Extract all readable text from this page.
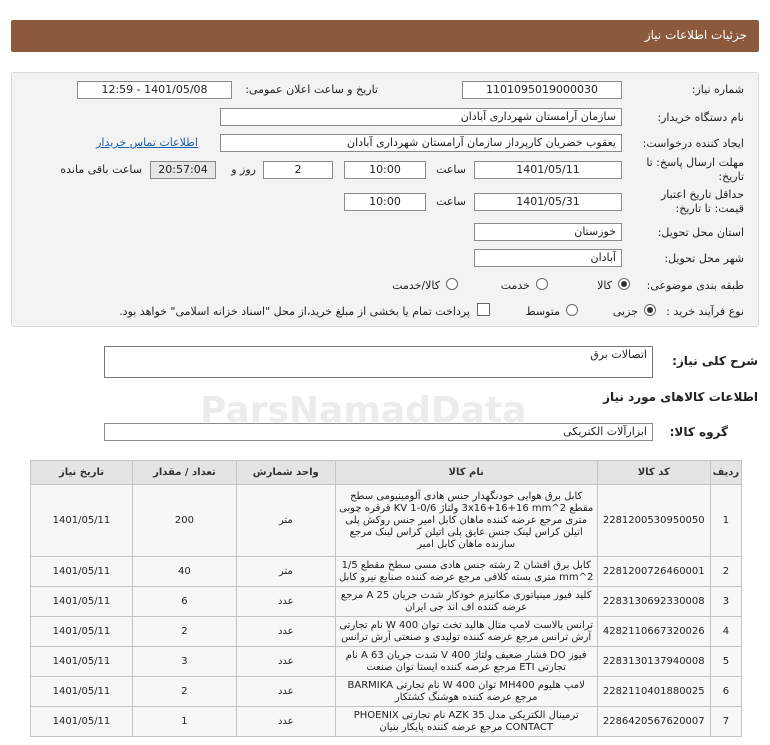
جزئیات اطلاعات نیاز
شماره نیاز:
1101095019000030
تاریخ و ساعت اعلان عمومی:
1401/05/08 - 12:59
نام دستگاه خریدار:
سازمان آرامستان شهرداری آبادان
ایجاد کننده درخواست:
یعقوب خضریان کارپرداز سازمان آرامستان شهرداری آبادان
اطلاعات تماس خریدار
مهلت ارسال پاسخ: تا
تاریخ:
1401/05/11
ساعت
10:00
2
روز و
20:57:04
ساعت باقی مانده
حداقل تاریخ اعتبار
قیمت: تا تاریخ:
1401/05/31
ساعت
10:00
استان محل تحویل:
خوزستان
شهر محل تحویل:
آبادان
طبقه بندی موضوعی:
کالا
خدمت
کالا/خدمت
نوع فرآیند خرید :
جزیی
متوسط
پرداخت تمام یا بخشی از مبلغ خرید،از محل "اسناد خزانه اسلامی" خواهد بود.
شرح کلی نیاز:
اتصالات برق
اطلاعات کالاهای مورد نیاز
گروه کالا:
ابزارآلات الکتریکی
ParsNamadData
ردیف	کد کالا	نام کالا	واحد شمارش	تعداد / مقدار	تاریخ نیاز
1	2281200530950050	کابل برق هوایی خودنگهدار جنس هادی آلومینیومی سطح مقطع 2^3x16+16+16 mm ولتاژ KV 1-0/6 قرقره چوبی متری مرجع عرضه کننده ماهان کابل امیر جنس روکش پلی اتیلن کراس لینک جنس عایق پلی اتیلن کراس لینک مرجع سازنده ماهان کابل امیر	متر	200	1401/05/11
2	2281200726460001	کابل برق افشان 2 رشته جنس هادی مسی سطح مقطع 1/5 2^mm متری بسته کلافی مرجع عرضه کننده صنایع نیرو کابل	متر	40	1401/05/11
3	2283130692330008	کلید فیوز مینیاتوری مکانیزم خودکار شدت جریان A 25 مرجع عرضه کننده اف اند جی ایران	عدد	6	1401/05/11
4	4282110667320026	ترانس بالاست لامپ متال هالید تخت توان W 400 نام تجارتی آرش ترانس مرجع عرضه کننده تولیدی و صنعتی آرش ترانس	عدد	2	1401/05/11
5	2283130137940008	فیوز DO فشار ضعیف ولتاژ V 400 شدت جریان A 63 نام تجارتی ETI مرجع عرضه کننده ایستا توان صنعت	عدد	3	1401/05/11
6	2282110401880025	لامپ هلیوم MH400 توان W 400 نام تجارتی BARMIKA مرجع عرضه کننده هوشنگ کشتکار	عدد	2	1401/05/11
7	2286420567620007	ترمینال الکتریکی مدل AZK 35 نام تجارتی PHOENIX CONTACT مرجع عرضه کننده پایکار بنیان	عدد	1	1401/05/11
